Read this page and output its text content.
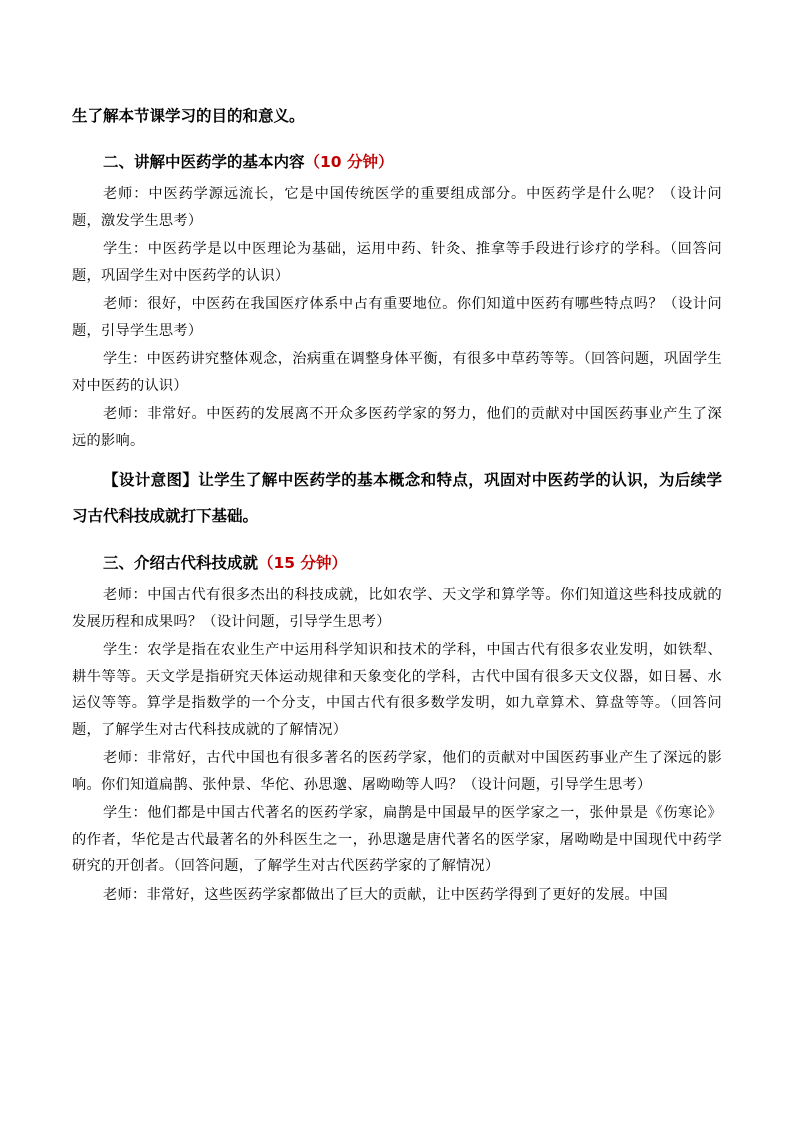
生了解本节课学习的目的和意义。

二、讲解中医药学的基本内容（10 分钟）

老师：中医药学源远流长，它是中国传统医学的重要组成部分。中医药学是什么呢？（设计问题，激发学生思考）

学生：中医药学是以中医理论为基础，运用中药、针灸、推拿等手段进行诊疗的学科。（回答问题，巩固学生对中医药学的认识）

老师：很好，中医药在我国医疗体系中占有重要地位。你们知道中医药有哪些特点吗？（设计问题，引导学生思考）

学生：中医药讲究整体观念，治病重在调整身体平衡，有很多中草药等等。（回答问题，巩固学生对中医药的认识）

老师：非常好。中医药的发展离不开众多医药学家的努力，他们的贡献对中国医药事业产生了深远的影响。

【设计意图】让学生了解中医药学的基本概念和特点，巩固对中医药学的认识，为后续学习古代科技成就打下基础。

三、介绍古代科技成就（15 分钟）

老师：中国古代有很多杰出的科技成就，比如农学、天文学和算学等。你们知道这些科技成就的发展历程和成果吗？（设计问题，引导学生思考）

学生：农学是指在农业生产中运用科学知识和技术的学科，中国古代有很多农业发明，如铁犁、耕牛等等。天文学是指研究天体运动规律和天象变化的学科，古代中国有很多天文仪器，如日晷、水运仪等等。算学是指数学的一个分支，中国古代有很多数学发明，如九章算术、算盘等等。（回答问题，了解学生对古代科技成就的了解情况）

老师：非常好，古代中国也有很多著名的医药学家，他们的贡献对中国医药事业产生了深远的影响。你们知道扁鹊、张仲景、华佗、孙思邈、屠呦呦等人吗？（设计问题，引导学生思考）

学生：他们都是中国古代著名的医药学家，扁鹊是中国最早的医学家之一，张仲景是《伤寒论》的作者，华佗是古代最著名的外科医生之一，孙思邈是唐代著名的医学家，屠呦呦是中国现代中药学研究的开创者。（回答问题，了解学生对古代医药学家的了解情况）

老师：非常好，这些医药学家都做出了巨大的贡献，让中医药学得到了更好的发展。中国
